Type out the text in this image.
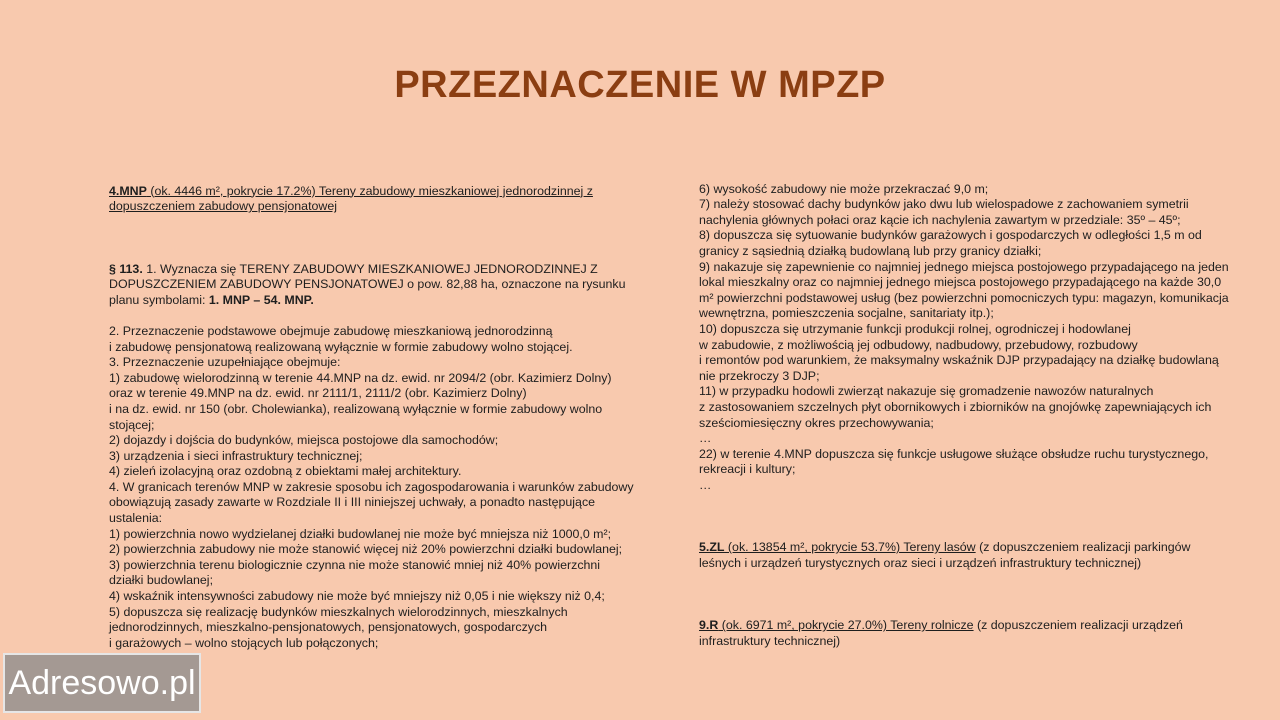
PRZEZNACZENIE W MPZP

4.MNP (ok. 4446 m², pokrycie 17.2%) Tereny zabudowy mieszkaniowej jednorodzinnej z dopuszczeniem zabudowy pensjonatowej

§ 113. 1. Wyznacza się TERENY ZABUDOWY MIESZKANIOWEJ JEDNORODZINNEJ Z DOPUSZCZENIEM ZABUDOWY PENSJONATOWEJ o pow. 82,88 ha, oznaczone na rysunku planu symbolami: 1. MNP – 54. MNP.

2. Przeznaczenie podstawowe obejmuje zabudowę mieszkaniową jednorodzinną
i zabudowę pensjonatową realizowaną wyłącznie w formie zabudowy wolno stojącej.
3. Przeznaczenie uzupełniające obejmuje:
1) zabudowę wielorodzinną w terenie 44.MNP na dz. ewid. nr 2094/2 (obr. Kazimierz Dolny) oraz w terenie 49.MNP na dz. ewid. nr 2111/1, 2111/2 (obr. Kazimierz Dolny)
i na dz. ewid. nr 150 (obr. Cholewianka), realizowaną wyłącznie w formie zabudowy wolno stojącej;
2) dojazdy i dojścia do budynków, miejsca postojowe dla samochodów;
3) urządzenia i sieci infrastruktury technicznej;
4) zieleń izolacyjną oraz ozdobną z obiektami małej architektury.
4. W granicach terenów MNP w zakresie sposobu ich zagospodarowania i warunków zabudowy obowiązują zasady zawarte w Rozdziale II i III niniejszej uchwały, a ponadto następujące ustalenia:
1) powierzchnia nowo wydzielanej działki budowlanej nie może być mniejsza niż 1000,0 m²;
2) powierzchnia zabudowy nie może stanowić więcej niż 20% powierzchni działki budowlanej;
3) powierzchnia terenu biologicznie czynna nie może stanowić mniej niż 40% powierzchni działki budowlanej;
4) wskaźnik intensywności zabudowy nie może być mniejszy niż 0,05 i nie większy niż 0,4;
5) dopuszcza się realizację budynków mieszkalnych wielorodzinnych, mieszkalnych jednorodzinnych, mieszkalno-pensjonatowych, pensjonatowych, gospodarczych
i garażowych – wolno stojących lub połączonych;

6) wysokość zabudowy nie może przekraczać 9,0 m;
7) należy stosować dachy budynków jako dwu lub wielospadowe z zachowaniem symetrii nachylenia głównych połaci oraz kącie ich nachylenia zawartym w przedziale: 35º – 45º;
8) dopuszcza się sytuowanie budynków garażowych i gospodarczych w odległości 1,5 m od granicy z sąsiednią działką budowlaną lub przy granicy działki;
9) nakazuje się zapewnienie co najmniej jednego miejsca postojowego przypadającego na jeden lokal mieszkalny oraz co najmniej jednego miejsca postojowego przypadającego na każde 30,0 m² powierzchni podstawowej usług (bez powierzchni pomocniczych typu: magazyn, komunikacja wewnętrzna, pomieszczenia socjalne, sanitariaty itp.);
10) dopuszcza się utrzymanie funkcji produkcji rolnej, ogrodniczej i hodowlanej
w zabudowie, z możliwością jej odbudowy, nadbudowy, przebudowy, rozbudowy
i remontów pod warunkiem, że maksymalny wskaźnik DJP przypadający na działkę budowlaną nie przekroczy 3 DJP;
11) w przypadku hodowli zwierząt nakazuje się gromadzenie nawozów naturalnych
z zastosowaniem szczelnych płyt obornikowych i zbiorników na gnojówkę zapewniających ich sześciomiesięczny okres przechowywania;
…
22) w terenie 4.MNP dopuszcza się funkcje usługowe służące obsłudze ruchu turystycznego, rekreacji i kultury;
…

5.ZL (ok. 13854 m², pokrycie 53.7%) Tereny lasów (z dopuszczeniem realizacji parkingów leśnych i urządzeń turystycznych oraz sieci i urządzeń infrastruktury technicznej)

9.R (ok. 6971 m², pokrycie 27.0%) Tereny rolnicze (z dopuszczeniem realizacji urządzeń infrastruktury technicznej)

Adresowo.pl
